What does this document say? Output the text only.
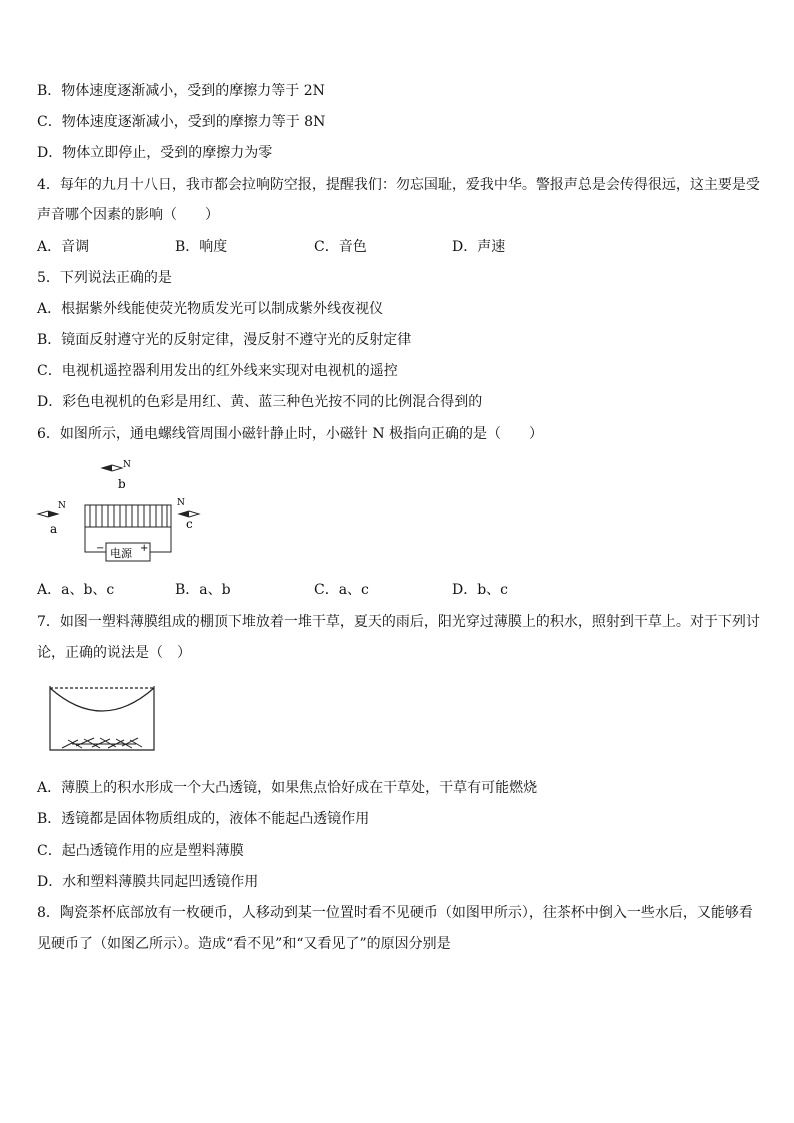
B．物体速度逐渐减小，受到的摩擦力等于 2N
C．物体速度逐渐减小，受到的摩擦力等于 8N
D．物体立即停止，受到的摩擦力为零
4．每年的九月十八日，我市都会拉响防空报，提醒我们：勿忘国耻，爱我中华。警报声总是会传得很远，这主要是受
声音哪个因素的影响（　　）
A．音调	B．响度	C．音色	D．声速
5．下列说法正确的是
A．根据紫外线能使荧光物质发光可以制成紫外线夜视仪
B．镜面反射遵守光的反射定律，漫反射不遵守光的反射定律
C．电视机遥控器利用发出的红外线来实现对电视机的遥控
D．彩色电视机的色彩是用红、黄、蓝三种色光按不同的比例混合得到的
6．如图所示，通电螺线管周围小磁针静止时，小磁针 N 极指向正确的是（　　）
N
b
N
a
N
c
−	+
电源
A．a、b、c	B．a、b	C．a、c	D．b、c
7．如图一塑料薄膜组成的棚顶下堆放着一堆干草，夏天的雨后，阳光穿过薄膜上的积水，照射到干草上。对于下列讨
论，正确的说法是（　）
A．薄膜上的积水形成一个大凸透镜，如果焦点恰好成在干草处，干草有可能燃烧
B．透镜都是固体物质组成的，液体不能起凸透镜作用
C．起凸透镜作用的应是塑料薄膜
D．水和塑料薄膜共同起凹透镜作用
8．陶瓷茶杯底部放有一枚硬币，人移动到某一位置时看不见硬币（如图甲所示），往茶杯中倒入一些水后，又能够看
见硬币了（如图乙所示）。造成“看不见”和“又看见了”的原因分别是
